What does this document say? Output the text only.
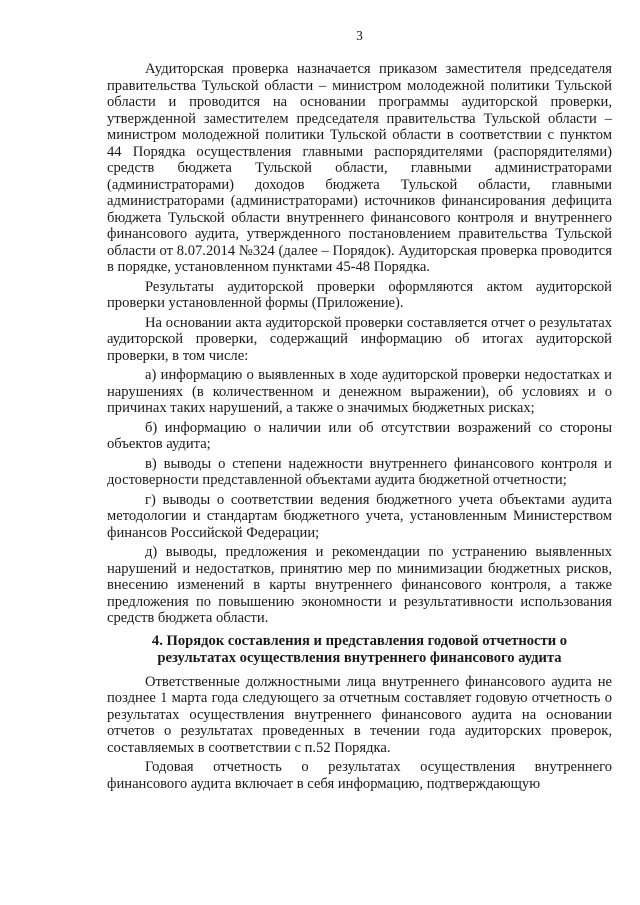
3

Аудиторская проверка назначается приказом заместителя председателя правительства Тульской области – министром молодежной политики Тульской области и проводится на основании программы аудиторской проверки, утвержденной заместителем председателя правительства Тульской области – министром молодежной политики Тульской области в соответствии с пунктом 44 Порядка осуществления главными распорядителями (распорядителями) средств бюджета Тульской области, главными администраторами (администраторами) доходов бюджета Тульской области, главными администраторами (администраторами) источников финансирования дефицита бюджета Тульской области внутреннего финансового контроля и внутреннего финансового аудита, утвержденного постановлением правительства Тульской области от 8.07.2014 №324 (далее – Порядок). Аудиторская проверка проводится в порядке, установленном пунктами 45-48 Порядка.

Результаты аудиторской проверки оформляются актом аудиторской проверки установленной формы (Приложение).

На основании акта аудиторской проверки составляется отчет о результатах аудиторской проверки, содержащий информацию об итогах аудиторской проверки, в том числе:

а) информацию о выявленных в ходе аудиторской проверки недостатках и нарушениях (в количественном и денежном выражении), об условиях и о причинах таких нарушений, а также о значимых бюджетных рисках;

б) информацию о наличии или об отсутствии возражений со стороны объектов аудита;

в) выводы о степени надежности внутреннего финансового контроля и достоверности представленной объектами аудита бюджетной отчетности;

г) выводы о соответствии ведения бюджетного учета объектами аудита методологии и стандартам бюджетного учета, установленным Министерством финансов Российской Федерации;

д) выводы, предложения и рекомендации по устранению выявленных нарушений и недостатков, принятию мер по минимизации бюджетных рисков, внесению изменений в карты внутреннего финансового контроля, а также предложения по повышению экономности и результативности использования средств бюджета области.

4. Порядок составления и представления годовой отчетности о результатах осуществления внутреннего финансового аудита

Ответственные должностными лица внутреннего финансового аудита не позднее 1 марта года следующего за отчетным составляет годовую отчетность о результатах осуществления внутреннего финансового аудита на основании отчетов о результатах проведенных в течении года аудиторских проверок, составляемых в соответствии с п.52 Порядка.

Годовая отчетность о результатах осуществления внутреннего финансового аудита включает в себя информацию, подтверждающую
